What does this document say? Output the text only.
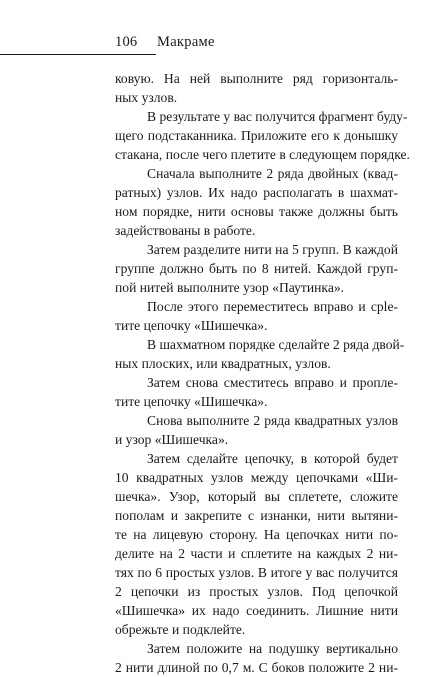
106 Макраме
ковую. На ней выполните ряд горизонталь-
ных узлов.
В результате у вас получится фрагмент буду-
щего подстаканника. Приложите его к донышку
стакана, после чего плетите в следующем порядке.
Сначала выполните 2 ряда двойных (квад-
ратных) узлов. Их надо располагать в шахмат-
ном порядке, нити основы также должны быть
задействованы в работе.
Затем разделите нити на 5 групп. В каждой
группе должно быть по 8 нитей. Каждой груп-
пой нитей выполните узор «Паутинка».
После этого переместитесь вправо и сple-
тите цепочку «Шишечка».
В шахматном порядке сделайте 2 ряда двой-
ных плоских, или квадратных, узлов.
Затем снова сместитесь вправо и пропле-
тите цепочку «Шишечка».
Снова выполните 2 ряда квадратных узлов
и узор «Шишечка».
Затем сделайте цепочку, в которой будет
10 квадратных узлов между цепочками «Ши-
шечка». Узор, который вы сплетете, сложите
пополам и закрепите с изнанки, нити вытяни-
те на лицевую сторону. На цепочках нити по-
делите на 2 части и сплетите на каждых 2 ни-
тях по 6 простых узлов. В итоге у вас получится
2 цепочки из простых узлов. Под цепочкой
«Шишечка» их надо соединить. Лишние нити
обрежьте и подклейте.
Затем положите на подушку вертикально
2 нити длиной по 0,7 м. С боков положите 2 ни-
